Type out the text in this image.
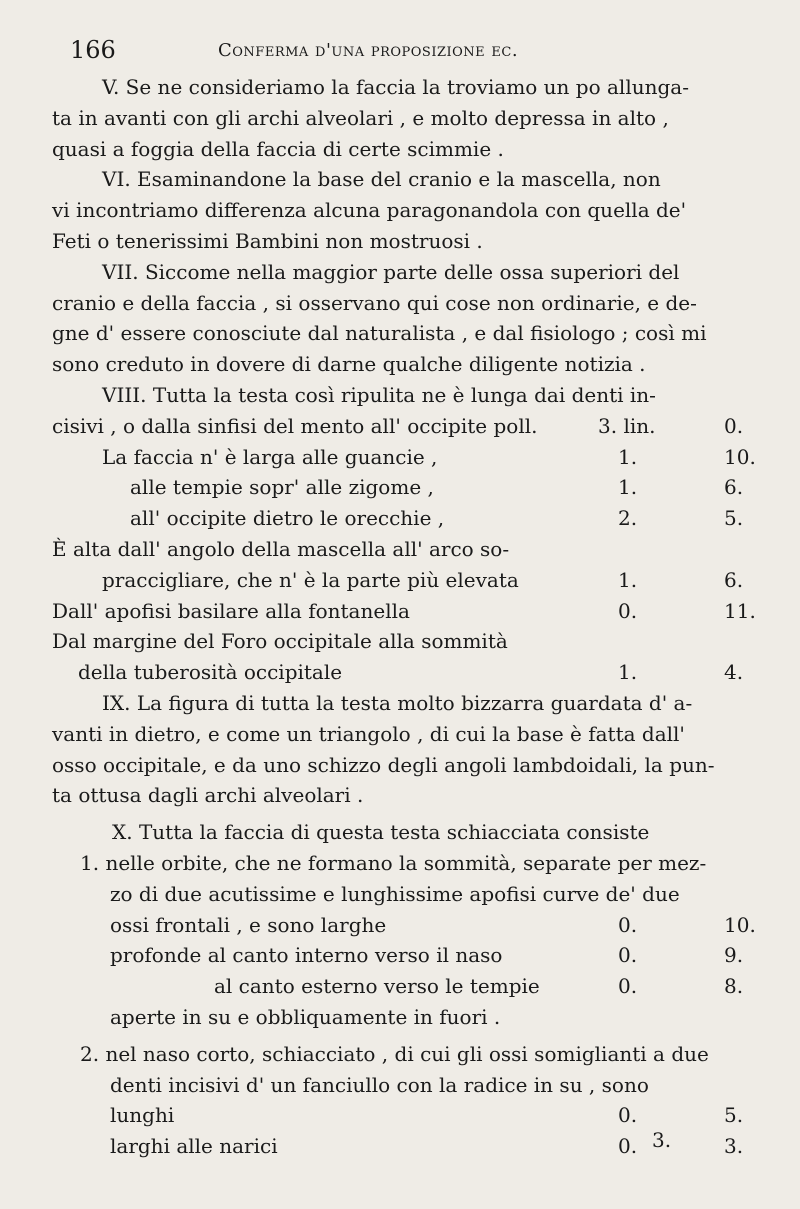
166	Conferma d'una proposizione ec.
V. Se ne consideriamo la faccia la troviamo un po allunga-
ta in avanti con gli archi alveolari , e molto depressa in alto ,
quasi a foggia della faccia di certe scimmie .
VI. Esaminandone la base del cranio e la mascella, non
vi incontriamo differenza alcuna paragonandola con quella de'
Feti o tenerissimi Bambini non mostruosi .
VII. Siccome nella maggior parte delle ossa superiori del
cranio e della faccia , si osservano qui cose non ordinarie, e de-
gne d' essere conosciute dal naturalista , e dal fisiologo ; così mi
sono creduto in dovere di darne qualche diligente notizia .
VIII. Tutta la testa così ripulita ne è lunga dai denti in-
cisivi , o dalla sinfisi del mento all' occipite poll.	3. lin.	0.
La faccia n' è larga alle guancie ,	1.	10.
alle tempie sopr' alle zigome ,	1.	6.
all' occipite dietro le orecchie ,	2.	5.
È alta dall' angolo della mascella all' arco so-
praccigliare, che n' è la parte più elevata	1.	6.
Dall' apofisi basilare alla fontanella	0.	11.
Dal margine del Foro occipitale alla sommità
della tuberosità occipitale	1.	4.
IX. La figura di tutta la testa molto bizzarra guardata d' a-
vanti in dietro, e come un triangolo , di cui la base è fatta dall'
osso occipitale, e da uno schizzo degli angoli lambdoidali, la pun-
ta ottusa dagli archi alveolari .
X. Tutta la faccia di questa testa schiacciata consiste
1. nelle orbite, che ne formano la sommità, separate per mez-
zo di due acutissime e lunghissime apofisi curve de' due
ossi frontali , e sono larghe	0.	10.
profonde al canto interno verso il naso	0.	9.
al canto esterno verso le tempie	0.	8.
aperte in su e obbliquamente in fuori .
2. nel naso corto, schiacciato , di cui gli ossi somiglianti a due
denti incisivi d' un fanciullo con la radice in su , sono
lunghi	0.	5.
larghi alle narici	0.	3.
3.
